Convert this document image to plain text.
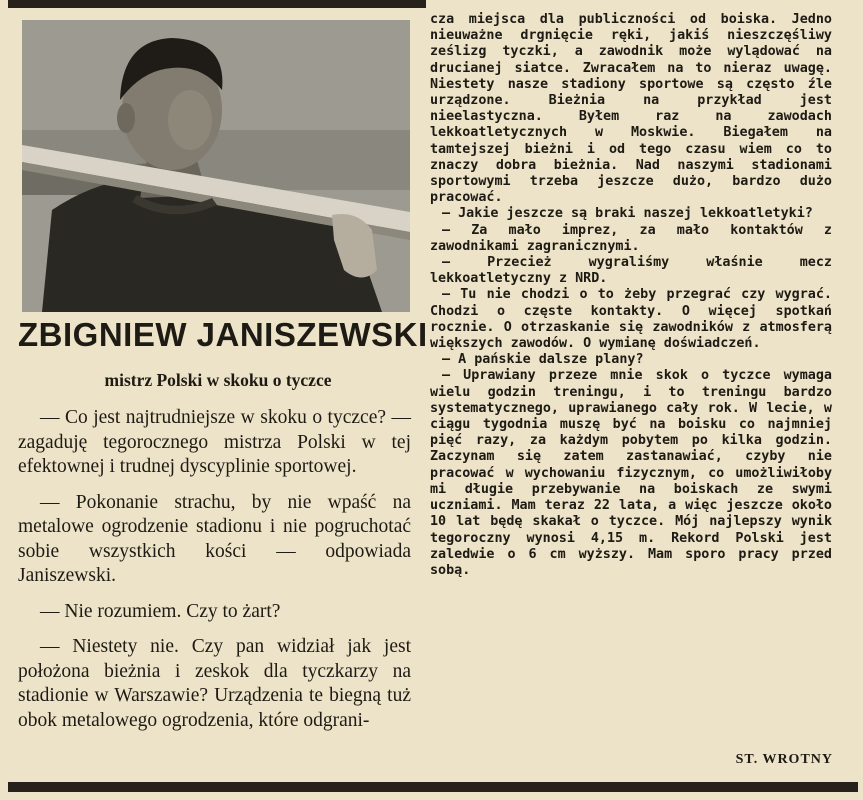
ZBIGNIEW JANISZEWSKI
mistrz Polski w skoku o tyczce

— Co jest najtrudniejsze w skoku o tyczce? — zagaduję tegorocznego mistrza Polski w tej efektownej i trudnej dyscyplinie sportowej.

— Pokonanie strachu, by nie wpaść na metalowe ogrodzenie stadionu i nie pogruchotać sobie wszystkich kości — odpowiada Janiszewski.

— Nie rozumiem. Czy to żart?

— Niestety nie. Czy pan widział jak jest położona bieżnia i zeskok dla tyczkarzy na stadionie w Warszawie? Urządzenia te biegną tuż obok metalowego ogrodzenia, które odgrani-

cza miejsca dla publiczności od boiska. Jedno nieuważne drgnięcie ręki, jakiś nieszczęśliwy ześlizg tyczki, a zawodnik może wylądować na drucianej siatce. Zwracałem na to nieraz uwagę. Niestety nasze stadiony sportowe są często źle urządzone. Bieżnia na przykład jest nieelastyczna. Byłem raz na zawodach lekkoatletycznych w Moskwie. Biegałem na tamtejszej bieżni i od tego czasu wiem co to znaczy dobra bieżnia. Nad naszymi stadionami sportowymi trzeba jeszcze dużo, bardzo dużo pracować.

— Jakie jeszcze są braki naszej lekkoatletyki?

— Za mało imprez, za mało kontaktów z zawodnikami zagranicznymi.

— Przecież wygraliśmy właśnie mecz lekkoatletyczny z NRD.

— Tu nie chodzi o to żeby przegrać czy wygrać. Chodzi o częste kontakty. O więcej spotkań rocznie. O otrzaskanie się zawodników z atmosferą większych zawodów. O wymianę doświadczeń.

— A pańskie dalsze plany?

— Uprawiany przeze mnie skok o tyczce wymaga wielu godzin treningu, i to treningu bardzo systematycznego, uprawianego cały rok. W lecie, w ciągu tygodnia muszę być na boisku co najmniej pięć razy, za każdym pobytem po kilka godzin. Zaczynam się zatem zastanawiać, czyby nie pracować w wychowaniu fizycznym, co umożliwiłoby mi długie przebywanie na boiskach ze swymi uczniami. Mam teraz 22 lata, a więc jeszcze około 10 lat będę skakał o tyczce. Mój najlepszy wynik tegoroczny wynosi 4,15 m. Rekord Polski jest zaledwie o 6 cm wyższy. Mam sporo pracy przed sobą.

ST. WROTNY
